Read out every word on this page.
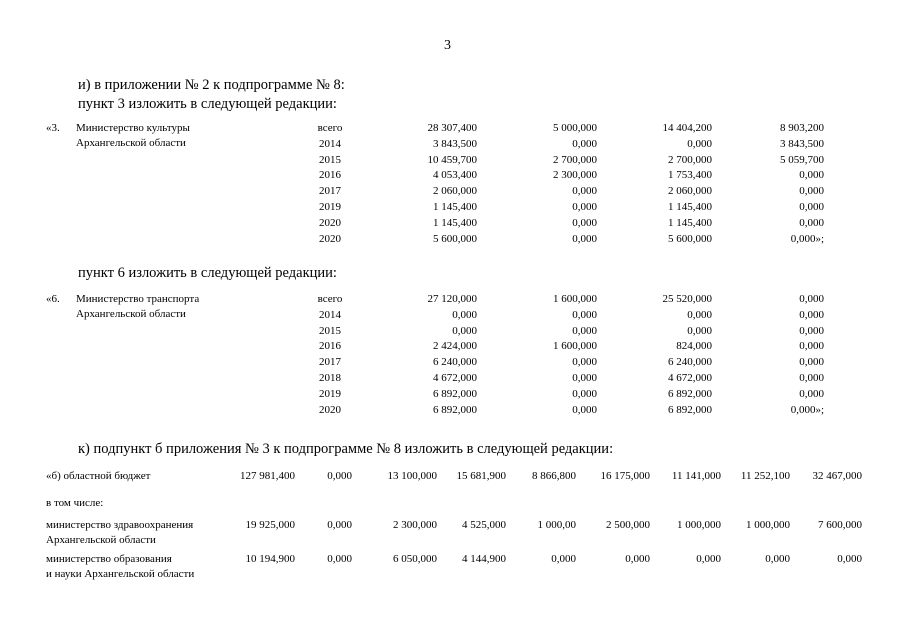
3
и) в приложении № 2 к подпрограмме № 8:
пункт 3 изложить в следующей редакции:
«3. Министерство культуры
Архангельской области
всего	28 307,400	5 000,000	14 404,200	8 903,200
2014	3 843,500	0,000	0,000	3 843,500
2015	10 459,700	2 700,000	2 700,000	5 059,700
2016	4 053,400	2 300,000	1 753,400	0,000
2017	2 060,000	0,000	2 060,000	0,000
2019	1 145,400	0,000	1 145,400	0,000
2020	1 145,400	0,000	1 145,400	0,000
2020	5 600,000	0,000	5 600,000	0,000»;
пункт 6 изложить в следующей редакции:
«6. Министерство транспорта
Архангельской области
всего	27 120,000	1 600,000	25 520,000	0,000
2014	0,000	0,000	0,000	0,000
2015	0,000	0,000	0,000	0,000
2016	2 424,000	1 600,000	824,000	0,000
2017	6 240,000	0,000	6 240,000	0,000
2018	4 672,000	0,000	4 672,000	0,000
2019	6 892,000	0,000	6 892,000	0,000
2020	6 892,000	0,000	6 892,000	0,000»;
к) подпункт б приложения № 3 к подпрограмме № 8 изложить в следующей редакции:
«б) областной бюджет	127 981,400	0,000	13 100,000	15 681,900	8 866,800	16 175,000	11 141,000	11 252,100	32 467,000
в том числе:
министерство здравоохранения
Архангельской области
19 925,000	0,000	2 300,000	4 525,000	1 000,00	2 500,000	1 000,000	1 000,000	7 600,000
министерство образования
и науки Архангельской области
10 194,900	0,000	6 050,000	4 144,900	0,000	0,000	0,000	0,000	0,000
